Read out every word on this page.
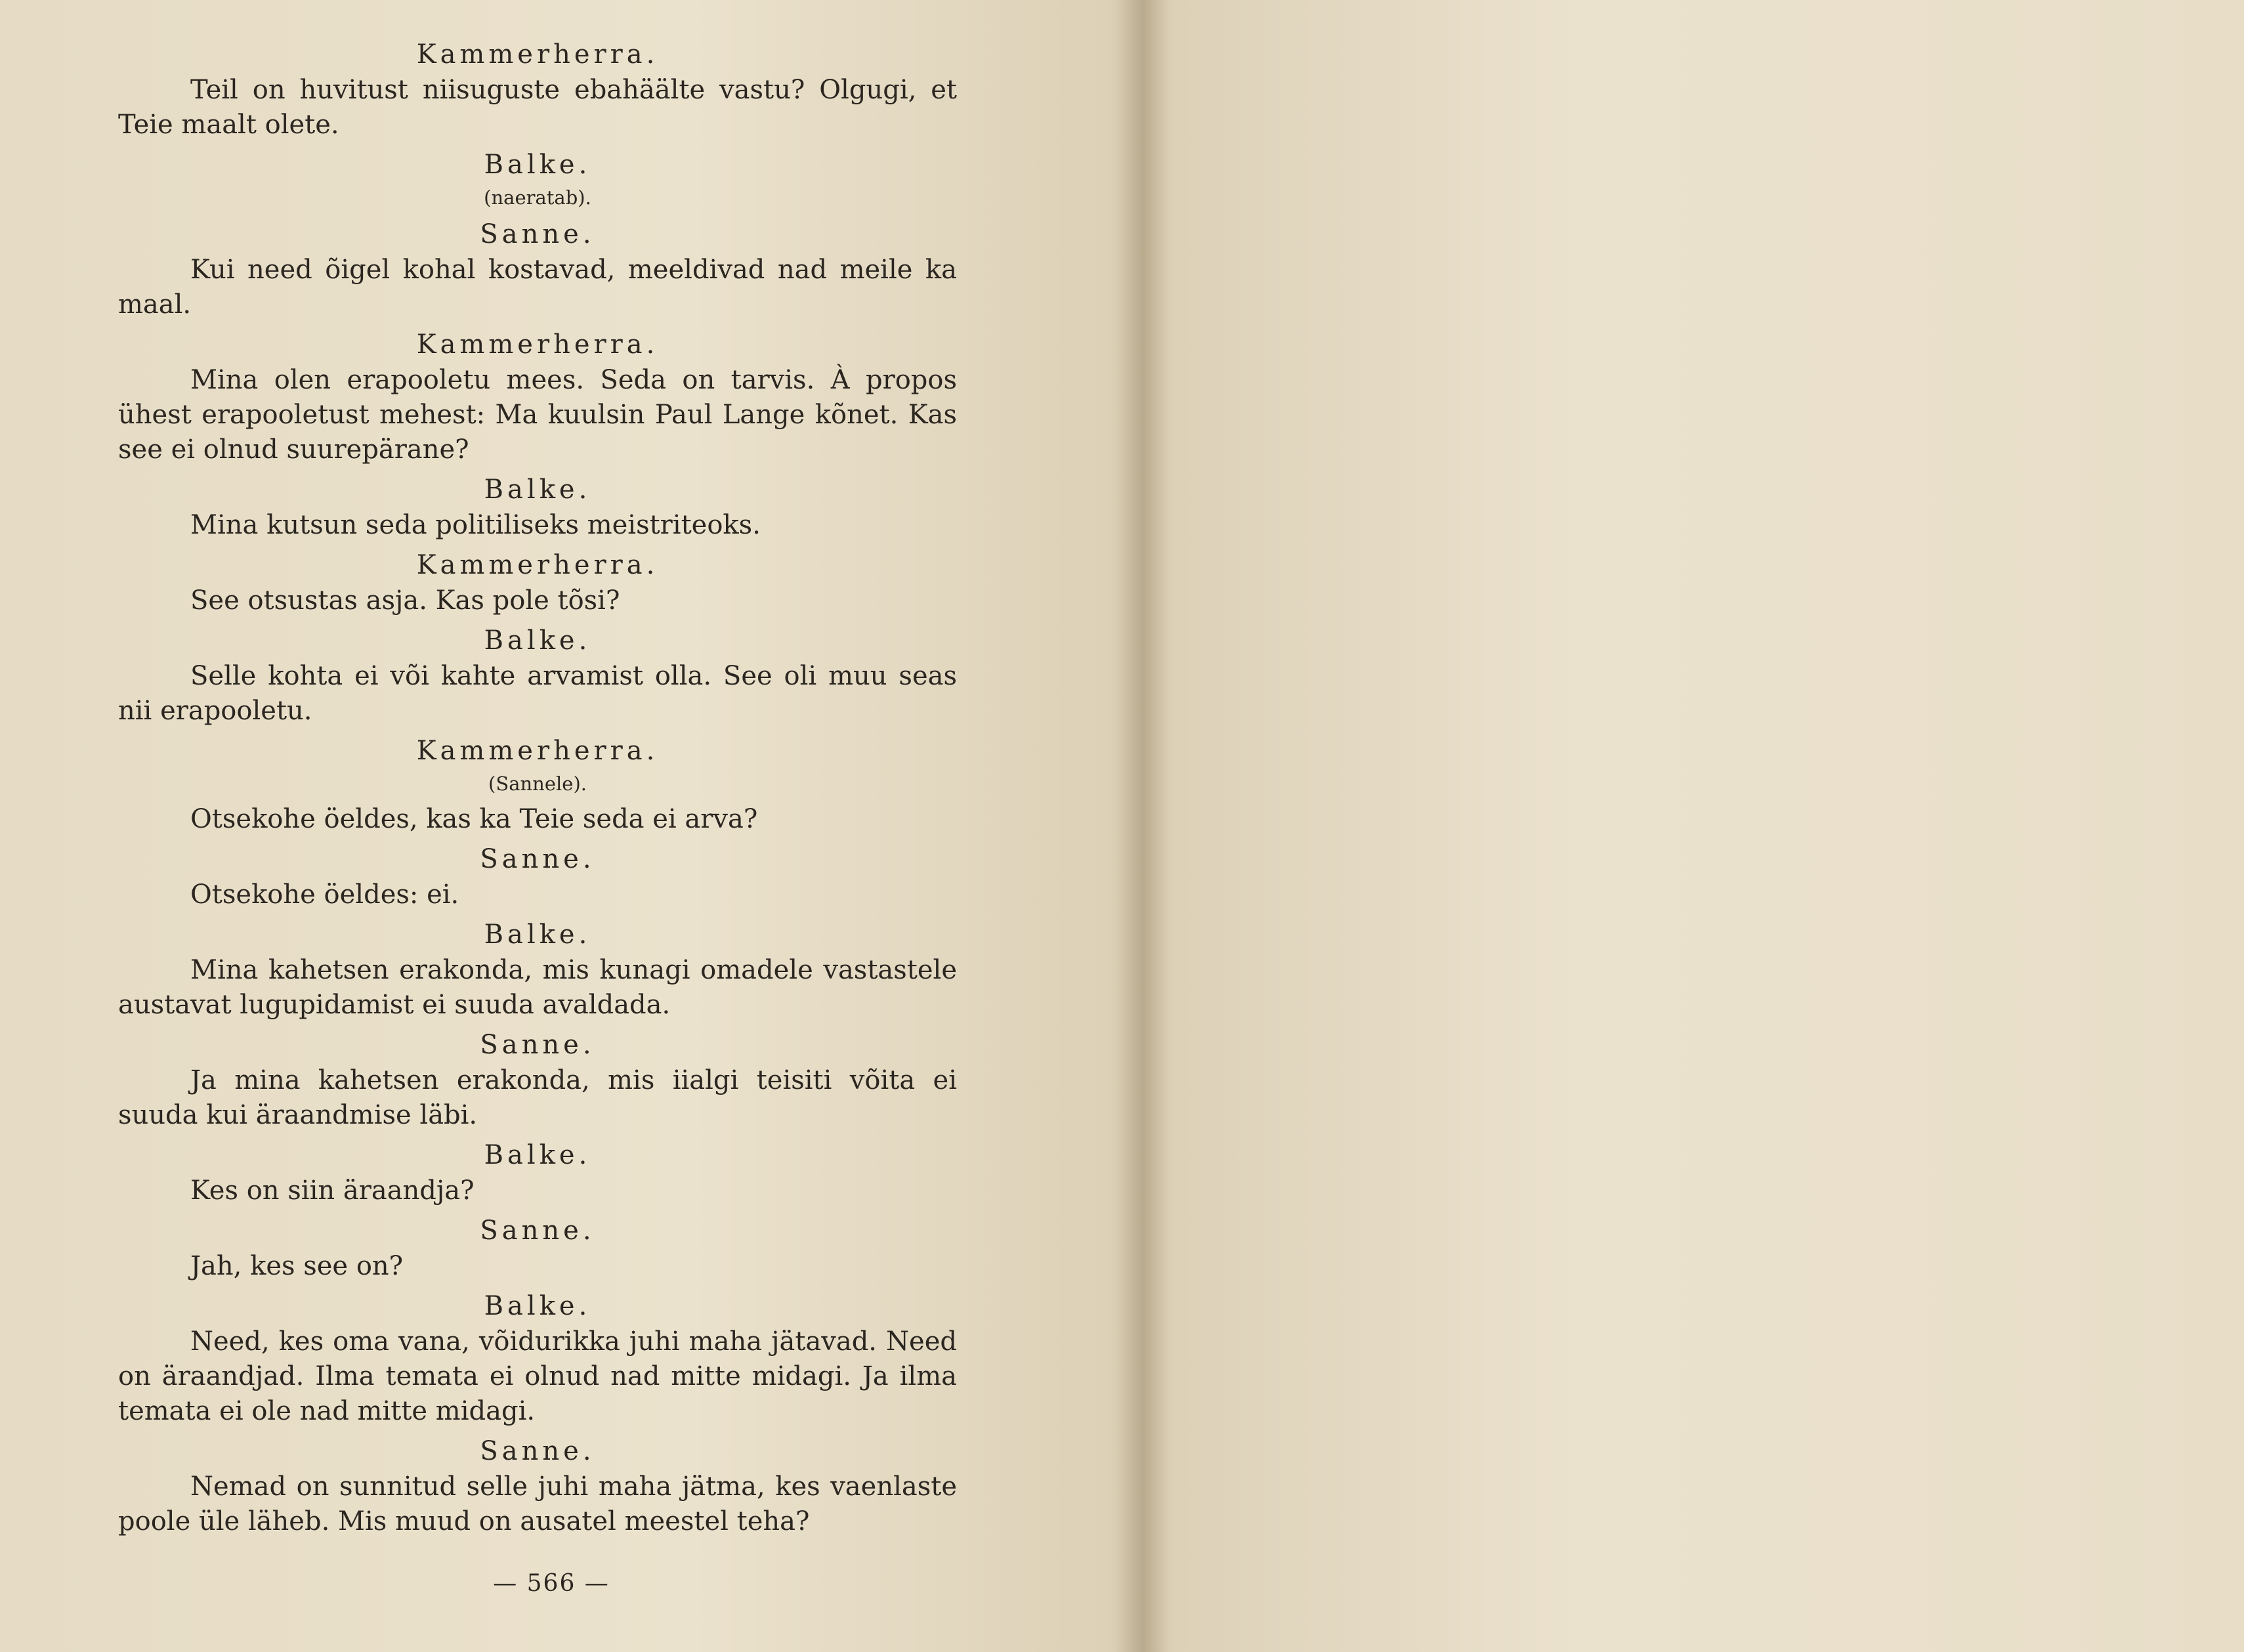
Kammerherra.

Teil on huvitust niisuguste ebahäälte vastu? Olgugi, et Teie maalt olete.

Balke.

(naeratab).

Sanne.

Kui need õigel kohal kostavad, meeldivad nad meile ka maal.

Kammerherra.

Mina olen erapooletu mees. Seda on tarvis. À propos ühest erapooletust mehest: Ma kuulsin Paul Lange kõnet. Kas see ei olnud suurepärane?

Balke.

Mina kutsun seda politiliseks meistriteoks.

Kammerherra.

See otsustas asja. Kas pole tõsi?

Balke.

Selle kohta ei või kahte arvamist olla. See oli muu seas nii erapooletu.

Kammerherra.

(Sannele).

Otsekohe öeldes, kas ka Teie seda ei arva?

Sanne.

Otsekohe öeldes: ei.

Balke.

Mina kahetsen erakonda, mis kunagi omadele vastastele austavat lugupidamist ei suuda avaldada.

Sanne.

Ja mina kahetsen erakonda, mis iialgi teisiti võita ei suuda kui äraandmise läbi.

Balke.

Kes on siin äraandja?

Sanne.

Jah, kes see on?

Balke.

Need, kes oma vana, võidurikka juhi maha jätavad. Need on äraandjad. Ilma temata ei olnud nad mitte midagi. Ja ilma temata ei ole nad mitte midagi.

Sanne.

Nemad on sunnitud selle juhi maha jätma, kes vaenlaste poole üle läheb. Mis muud on ausatel meestel teha?

— 566 —
